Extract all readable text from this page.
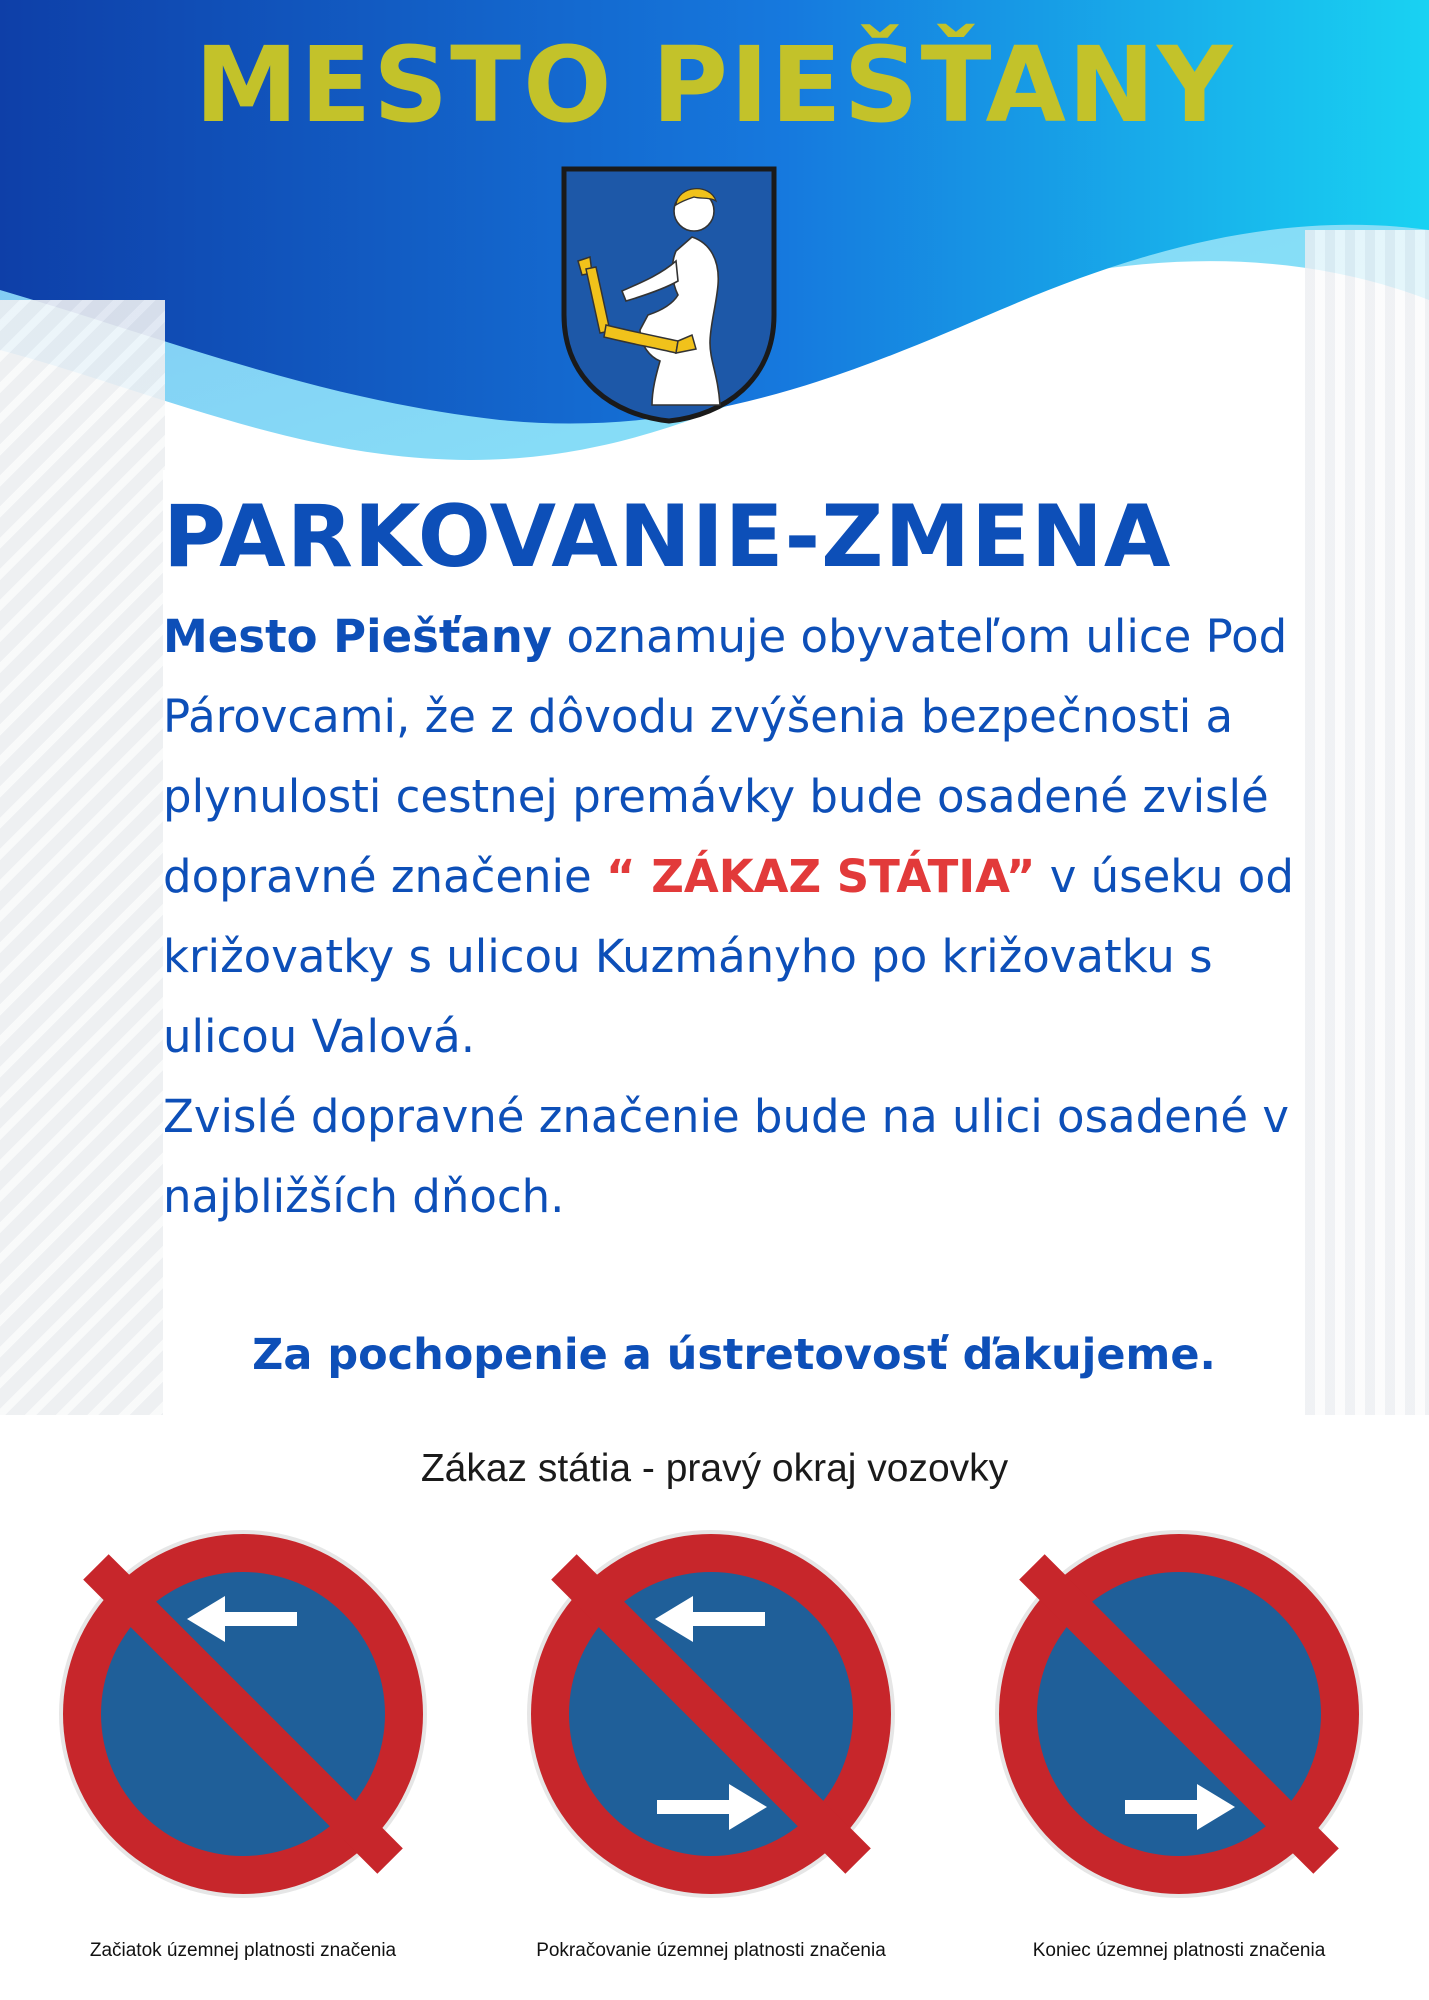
MESTO PIEŠŤANY
PARKOVANIE-ZMENA

Mesto Piešťany oznamuje obyvateľom ulice Pod Párovcami, že z dôvodu zvýšenia bezpečnosti a plynulosti cestnej premávky bude osadené zvislé dopravné značenie “ ZÁKAZ STÁTIA” v úseku od križovatky s ulicou Kuzmányho po križovatku s ulicou Valová.

Zvislé dopravné značenie bude na ulici osadené v najbližších dňoch.

Za pochopenie a ústretovosť ďakujeme.
Zákaz státia - pravý okraj vozovky
Začiatok územnej platnosti značenia	Pokračovanie územnej platnosti značenia	Koniec územnej platnosti značenia
